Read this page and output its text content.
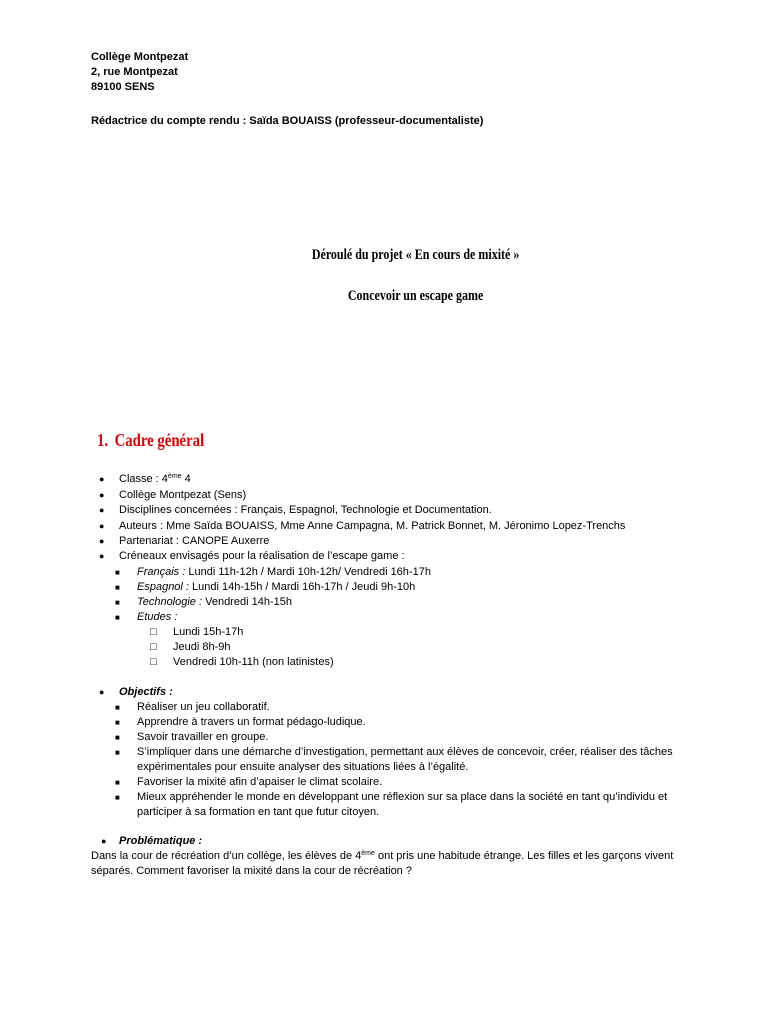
Collège Montpezat
2, rue Montpezat
89100 SENS
Rédactrice du compte rendu : Saïda BOUAISS (professeur-documentaliste)
Déroulé du projet « En cours de mixité »
Concevoir un escape game
1. Cadre général
● Classe : 4ème 4
● Collège Montpezat (Sens)
● Disciplines concernées : Français, Espagnol, Technologie et Documentation.
● Auteurs : Mme Saïda BOUAISS, Mme Anne Campagna, M. Patrick Bonnet, M. Jéronimo Lopez-Trenchs
● Partenariat : CANOPE Auxerre
● Créneaux envisagés pour la réalisation de l’escape game :
■ Français : Lundi 11h-12h / Mardi 10h-12h/ Vendredi 16h-17h
■ Espagnol : Lundi 14h-15h / Mardi 16h-17h / Jeudi 9h-10h
■ Technologie : Vendredi 14h-15h
■ Etudes :
□ Lundi 15h-17h
□ Jeudi 8h-9h
□ Vendredi 10h-11h (non latinistes)
● Objectifs :
■ Réaliser un jeu collaboratif.
■ Apprendre à travers un format pédago-ludique.
■ Savoir travailler en groupe.
■ S’impliquer dans une démarche d’investigation, permettant aux élèves de concevoir, créer, réaliser des tâches
expérimentales pour ensuite analyser des situations liées à l’égalité.
■ Favoriser la mixité afin d’apaiser le climat scolaire.
■ Mieux appréhender le monde en développant une réflexion sur sa place dans la société en tant qu’individu et
participer à sa formation en tant que futur citoyen.
● Problématique :
Dans la cour de récréation d’un collège, les élèves de 4ème ont pris une habitude étrange. Les filles et les garçons vivent
séparés. Comment favoriser la mixité dans la cour de récréation ?
